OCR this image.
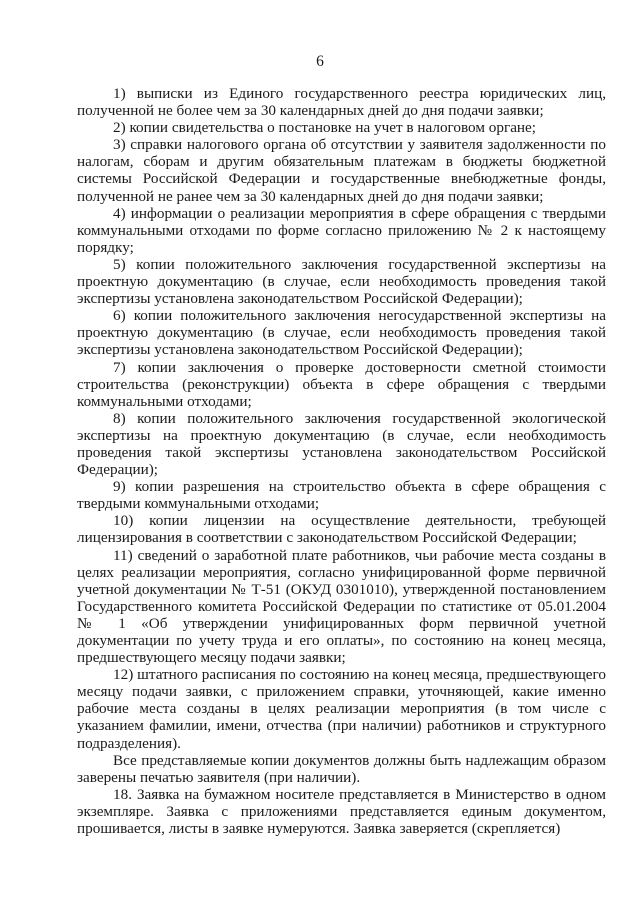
6

1) выписки из Единого государственного реестра юридических лиц, полученной не более чем за 30 календарных дней до дня подачи заявки;

2) копии свидетельства о постановке на учет в налоговом органе;

3) справки налогового органа об отсутствии у заявителя задолженности по налогам, сборам и другим обязательным платежам в бюджеты бюджетной системы Российской Федерации и государственные внебюджетные фонды, полученной не ранее чем за 30 календарных дней до дня подачи заявки;

4) информации о реализации мероприятия в сфере обращения с твердыми коммунальными отходами по форме согласно приложению № 2 к настоящему порядку;

5) копии положительного заключения государственной экспертизы на проектную документацию (в случае, если необходимость проведения такой экспертизы установлена законодательством Российской Федерации);

6) копии положительного заключения негосударственной экспертизы на проектную документацию (в случае, если необходимость проведения такой экспертизы установлена законодательством Российской Федерации);

7) копии заключения о проверке достоверности сметной стоимости строительства (реконструкции) объекта в сфере обращения с твердыми коммунальными отходами;

8) копии положительного заключения государственной экологической экспертизы на проектную документацию (в случае, если необходимость проведения такой экспертизы установлена законодательством Российской Федерации);

9) копии разрешения на строительство объекта в сфере обращения с твердыми коммунальными отходами;

10) копии лицензии на осуществление деятельности, требующей лицензирования в соответствии с законодательством Российской Федерации;

11) сведений о заработной плате работников, чьи рабочие места созданы в целях реализации мероприятия, согласно унифицированной форме первичной учетной документации № Т-51 (ОКУД 0301010), утвержденной постановлением Государственного комитета Российской Федерации по статистике от 05.01.2004 № 1 «Об утверждении унифицированных форм первичной учетной документации по учету труда и его оплаты», по состоянию на конец месяца, предшествующего месяцу подачи заявки;

12) штатного расписания по состоянию на конец месяца, предшествующего месяцу подачи заявки, с приложением справки, уточняющей, какие именно рабочие места созданы в целях реализации мероприятия (в том числе с указанием фамилии, имени, отчества (при наличии) работников и структурного подразделения).

Все представляемые копии документов должны быть надлежащим образом заверены печатью заявителя (при наличии).

18. Заявка на бумажном носителе представляется в Министерство в одном экземпляре. Заявка с приложениями представляется единым документом, прошивается, листы в заявке нумеруются. Заявка заверяется (скрепляется)
